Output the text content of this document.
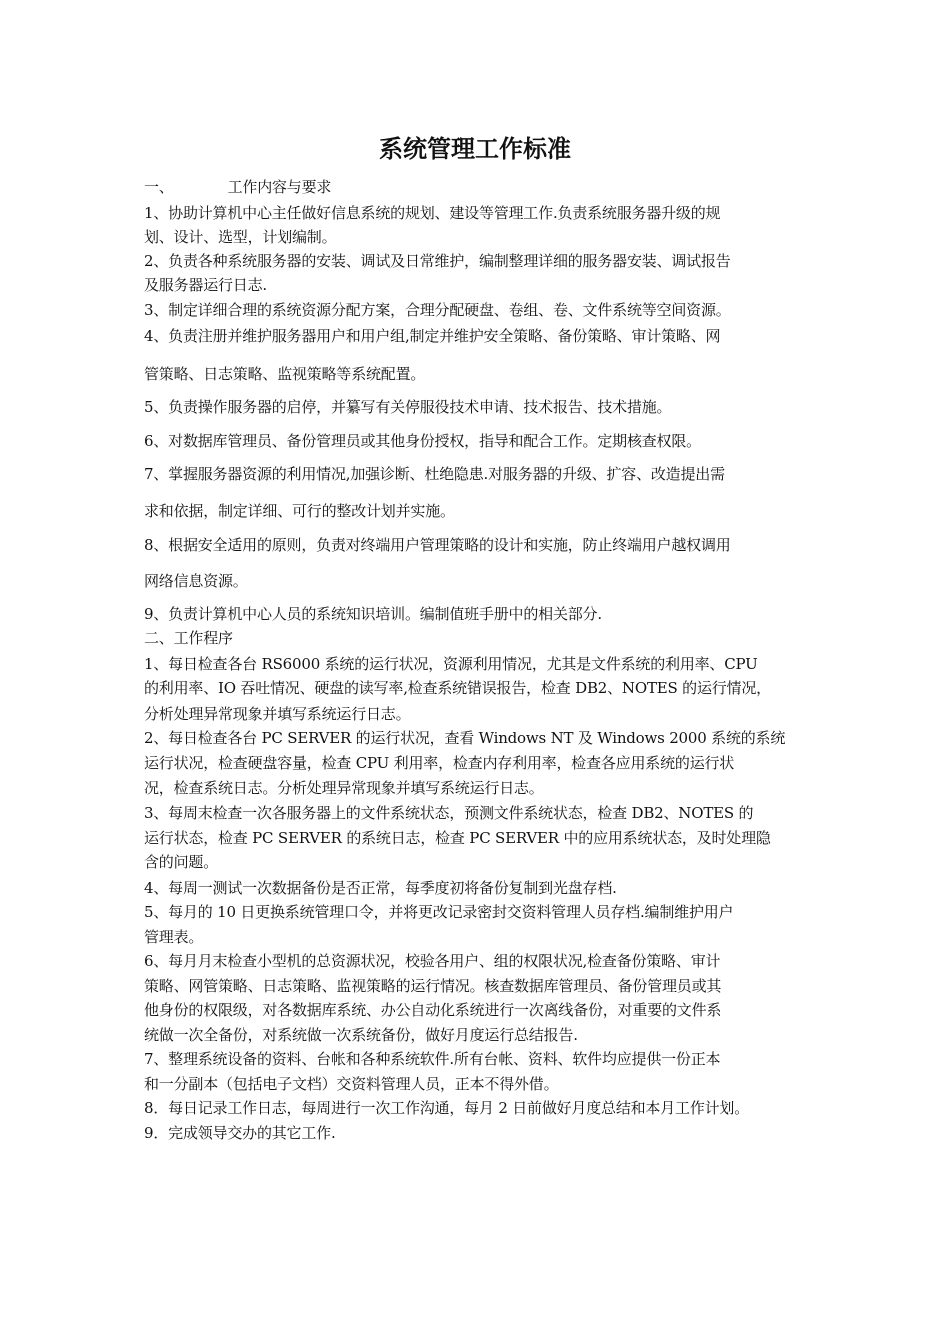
系统管理工作标准
一、	工作内容与要求
1、协助计算机中心主任做好信息系统的规划、建设等管理工作.负责系统服务器升级的规
划、设计、选型，计划编制。
2、负责各种系统服务器的安装、调试及日常维护，编制整理详细的服务器安装、调试报告
及服务器运行日志.
3、制定详细合理的系统资源分配方案，合理分配硬盘、卷组、卷、文件系统等空间资源。
4、负责注册并维护服务器用户和用户组,制定并维护安全策略、备份策略、审计策略、网
管策略、日志策略、监视策略等系统配置。
5、负责操作服务器的启停，并纂写有关停服役技术申请、技术报告、技术措施。
6、对数据库管理员、备份管理员或其他身份授权，指导和配合工作。定期核查权限。
7、掌握服务器资源的利用情况,加强诊断、杜绝隐患.对服务器的升级、扩容、改造提出需
求和依据，制定详细、可行的整改计划并实施。
8、根据安全适用的原则，负责对终端用户管理策略的设计和实施，防止终端用户越权调用
网络信息资源。
9、负责计算机中心人员的系统知识培训。编制值班手册中的相关部分.
二、工作程序
1、每日检查各台 RS6000 系统的运行状况，资源利用情况，尤其是文件系统的利用率、CPU
的利用率、IO 吞吐情况、硬盘的读写率,检查系统错误报告，检查 DB2、NOTES 的运行情况，
分析处理异常现象并填写系统运行日志。
2、每日检查各台 PC SERVER 的运行状况，查看 Windows NT 及 Windows 2000 系统的系统
运行状况，检查硬盘容量，检查 CPU 利用率，检查内存利用率，检查各应用系统的运行状
况，检查系统日志。分析处理异常现象并填写系统运行日志。
3、每周末检查一次各服务器上的文件系统状态，预测文件系统状态，检查 DB2、NOTES 的
运行状态，检查 PC SERVER 的系统日志，检查 PC SERVER 中的应用系统状态，及时处理隐
含的问题。
4、每周一测试一次数据备份是否正常，每季度初将备份复制到光盘存档.
5、每月的 10 日更换系统管理口令，并将更改记录密封交资料管理人员存档.编制维护用户
管理表。
6、每月月末检查小型机的总资源状况，校验各用户、组的权限状况,检查备份策略、审计
策略、网管策略、日志策略、监视策略的运行情况。核查数据库管理员、备份管理员或其
他身份的权限级，对各数据库系统、办公自动化系统进行一次离线备份，对重要的文件系
统做一次全备份，对系统做一次系统备份，做好月度运行总结报告.
7、整理系统设备的资料、台帐和各种系统软件.所有台帐、资料、软件均应提供一份正本
和一分副本（包括电子文档）交资料管理人员，正本不得外借。
8．每日记录工作日志，每周进行一次工作沟通，每月 2 日前做好月度总结和本月工作计划。
9．完成领导交办的其它工作.
